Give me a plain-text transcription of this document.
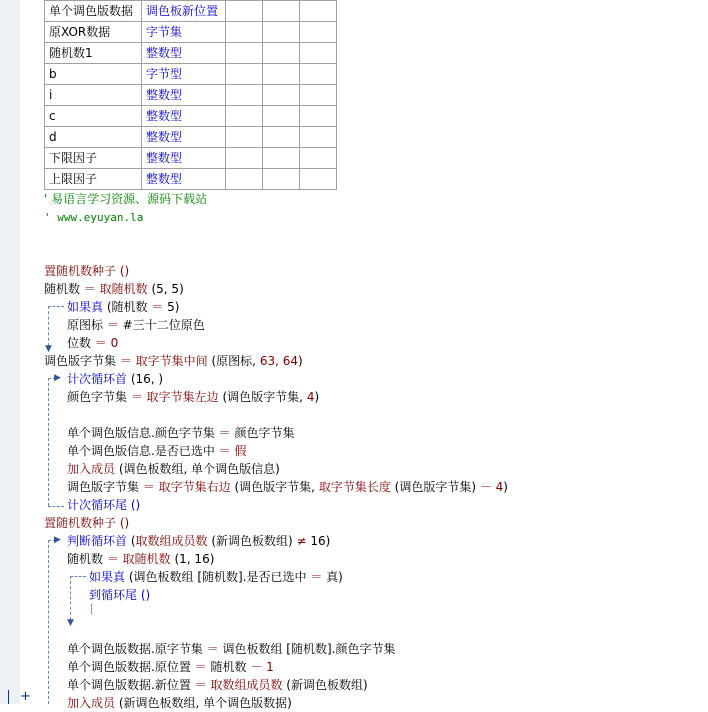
+
单个调色版数据	调色板新位置			
原XOR数据	字节集			
随机数1	整数型			
b	字节型			
i	整数型			
c	整数型			
d	整数型			
下限因子	整数型			
上限因子	整数型			
' 易语言学习资源、源码下载站
' www.eyuyan.la
▼
▶
▶
▼
置随机数种子 ()
随机数 ＝ 取随机数 (5, 5)
如果真 (随机数 ＝ 5)
原图标 ＝ #三十二位原色
位数 ＝ 0
调色版字节集 ＝ 取字节集中间 (原图标, 63, 64)
计次循环首 (16, )
颜色字节集 ＝ 取字节集左边 (调色版字节集, 4)
单个调色版信息.颜色字节集 ＝ 颜色字节集
单个调色版信息.是否已选中 ＝ 假
加入成员 (调色板数组, 单个调色版信息)
调色版字节集 ＝ 取字节集右边 (调色版字节集, 取字节集长度 (调色版字节集) － 4)
计次循环尾 ()
置随机数种子 ()
判断循环首 (取数组成员数 (新调色板数组) ≠ 16)
随机数 ＝ 取随机数 (1, 16)
如果真 (调色板数组 [随机数].是否已选中 ＝ 真)
到循环尾 ()
单个调色版数据.原字节集 ＝ 调色板数组 [随机数].颜色字节集
单个调色版数据.原位置 ＝ 随机数 － 1
单个调色版数据.新位置 ＝ 取数组成员数 (新调色板数组)
加入成员 (新调色板数组, 单个调色版数据)
